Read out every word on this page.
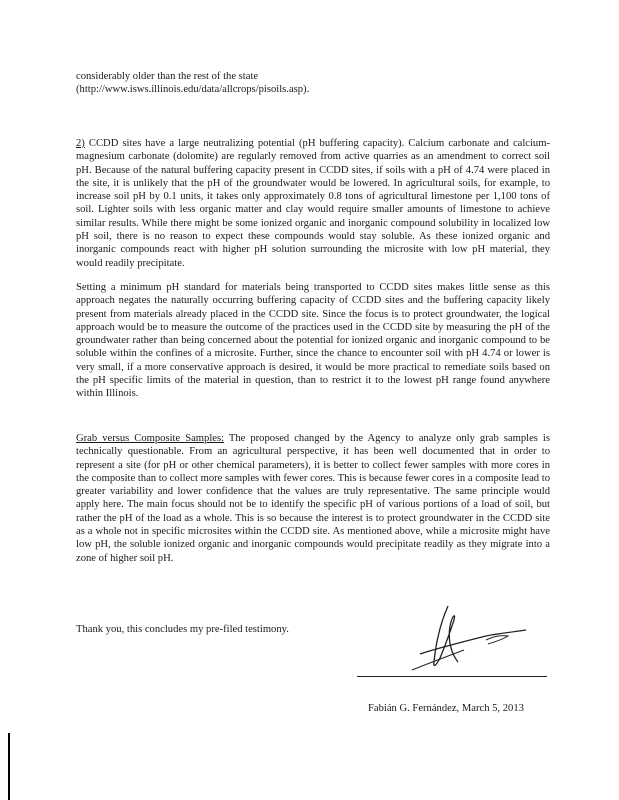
considerably older than the rest of the state
(http://www.isws.illinois.edu/data/allcrops/pisoils.asp).

2) CCDD sites have a large neutralizing potential (pH buffering capacity). Calcium carbonate and calcium-magnesium carbonate (dolomite) are regularly removed from active quarries as an amendment to correct soil pH. Because of the natural buffering capacity present in CCDD sites, if soils with a pH of 4.74 were placed in the site, it is unlikely that the pH of the groundwater would be lowered. In agricultural soils, for example, to increase soil pH by 0.1 units, it takes only approximately 0.8 tons of agricultural limestone per 1,100 tons of soil. Lighter soils with less organic matter and clay would require smaller amounts of limestone to achieve similar results. While there might be some ionized organic and inorganic compound solubility in localized low pH soil, there is no reason to expect these compounds would stay soluble. As these ionized organic and inorganic compounds react with higher pH solution surrounding the microsite with low pH material, they would readily precipitate.

Setting a minimum pH standard for materials being transported to CCDD sites makes little sense as this approach negates the naturally occurring buffering capacity of CCDD sites and the buffering capacity likely present from materials already placed in the CCDD site. Since the focus is to protect groundwater, the logical approach would be to measure the outcome of the practices used in the CCDD site by measuring the pH of the groundwater rather than being concerned about the potential for ionized organic and inorganic compound to be soluble within the confines of a microsite. Further, since the chance to encounter soil with pH 4.74 or lower is very small, if a more conservative approach is desired, it would be more practical to remediate soils based on the pH specific limits of the material in question, than to restrict it to the lowest pH range found anywhere within Illinois.

Grab versus Composite Samples: The proposed changed by the Agency to analyze only grab samples is technically questionable. From an agricultural perspective, it has been well documented that in order to represent a site (for pH or other chemical parameters), it is better to collect fewer samples with more cores in the composite than to collect more samples with fewer cores. This is because fewer cores in a composite lead to greater variability and lower confidence that the values are truly representative. The same principle would apply here. The main focus should not be to identify the specific pH of various portions of a load of soil, but rather the pH of the load as a whole. This is so because the interest is to protect groundwater in the CCDD site as a whole not in specific microsites within the CCDD site. As mentioned above, while a microsite might have low pH, the soluble ionized organic and inorganic compounds would precipitate readily as they migrate into a zone of higher soil pH.

Thank you, this concludes my pre-filed testimony.
Fabián G. Fernández, March 5, 2013
